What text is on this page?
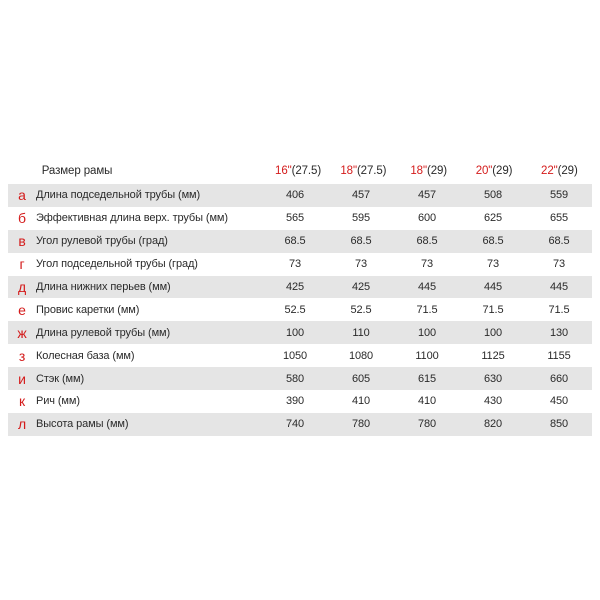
Размер рамы	16"(27.5)	18"(27.5)	18"(29)	20"(29)	22"(29)
а Длина подседельной трубы (мм)	406	457	457	508	559
б Эффективная длина верх. трубы (мм)	565	595	600	625	655
в Угол рулевой трубы (град)	68.5	68.5	68.5	68.5	68.5
г	Угол подседельной трубы (град)	73	73	73	73	73
д Длина нижних перьев (мм)	425	425	445	445	445
е Провис каретки (мм)	52.5	52.5	71.5	71.5	71.5
ж Длина рулевой трубы (мм)	100	110	100	100	130
з Колесная база (мм)	1050	1080	1100	1125	1155
и Стэк (мм)	580	605	615	630	660
к Рич (мм)	390	410	410	430	450
л Высота рамы (мм)	740	780	780	820	850
